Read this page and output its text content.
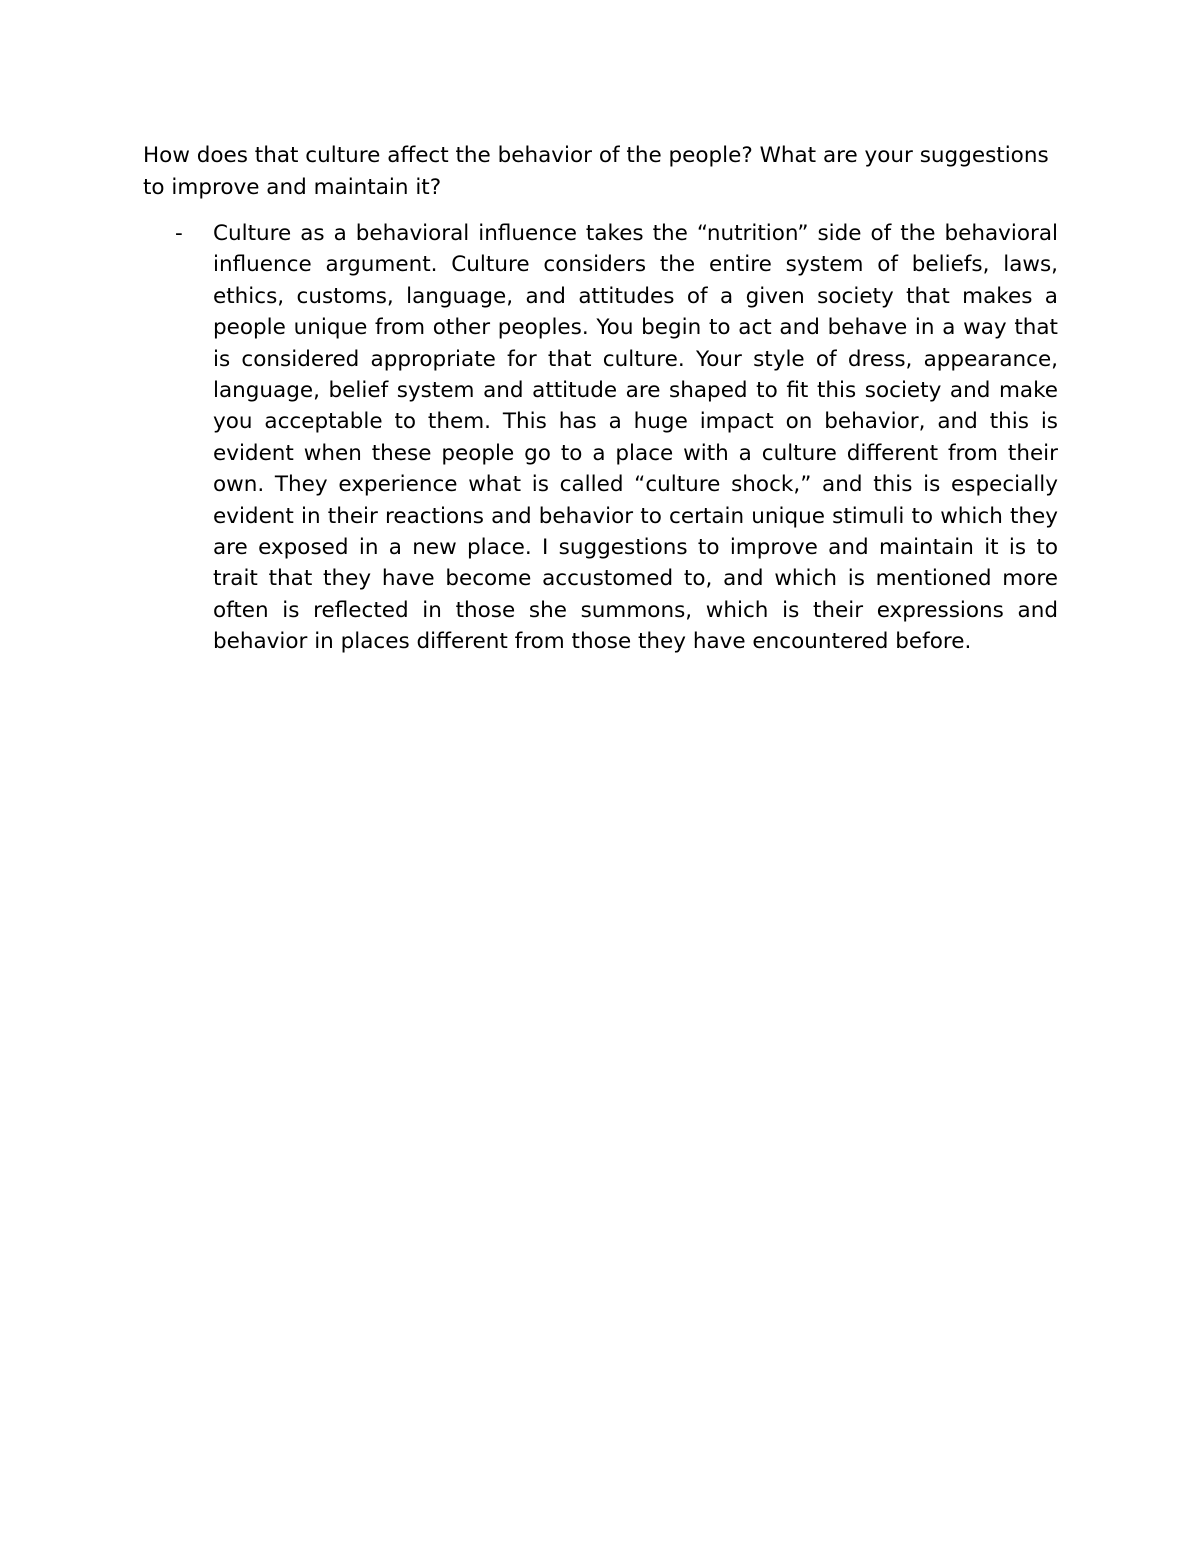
How does that culture affect the behavior of the people? What are your suggestions to improve and maintain it?

- Culture as a behavioral influence takes the “nutrition” side of the behavioral influence argument. Culture considers the entire system of beliefs, laws, ethics, customs, language, and attitudes of a given society that makes a people unique from other peoples. You begin to act and behave in a way that is considered appropriate for that culture. Your style of dress, appearance, language, belief system and attitude are shaped to fit this society and make you acceptable to them. This has a huge impact on behavior, and this is evident when these people go to a place with a culture different from their own. They experience what is called “culture shock,” and this is especially evident in their reactions and behavior to certain unique stimuli to which they are exposed in a new place. I suggestions to improve and maintain it is to trait that they have become accustomed to, and which is mentioned more often is reflected in those she summons, which is their expressions and behavior in places different from those they have encountered before.
